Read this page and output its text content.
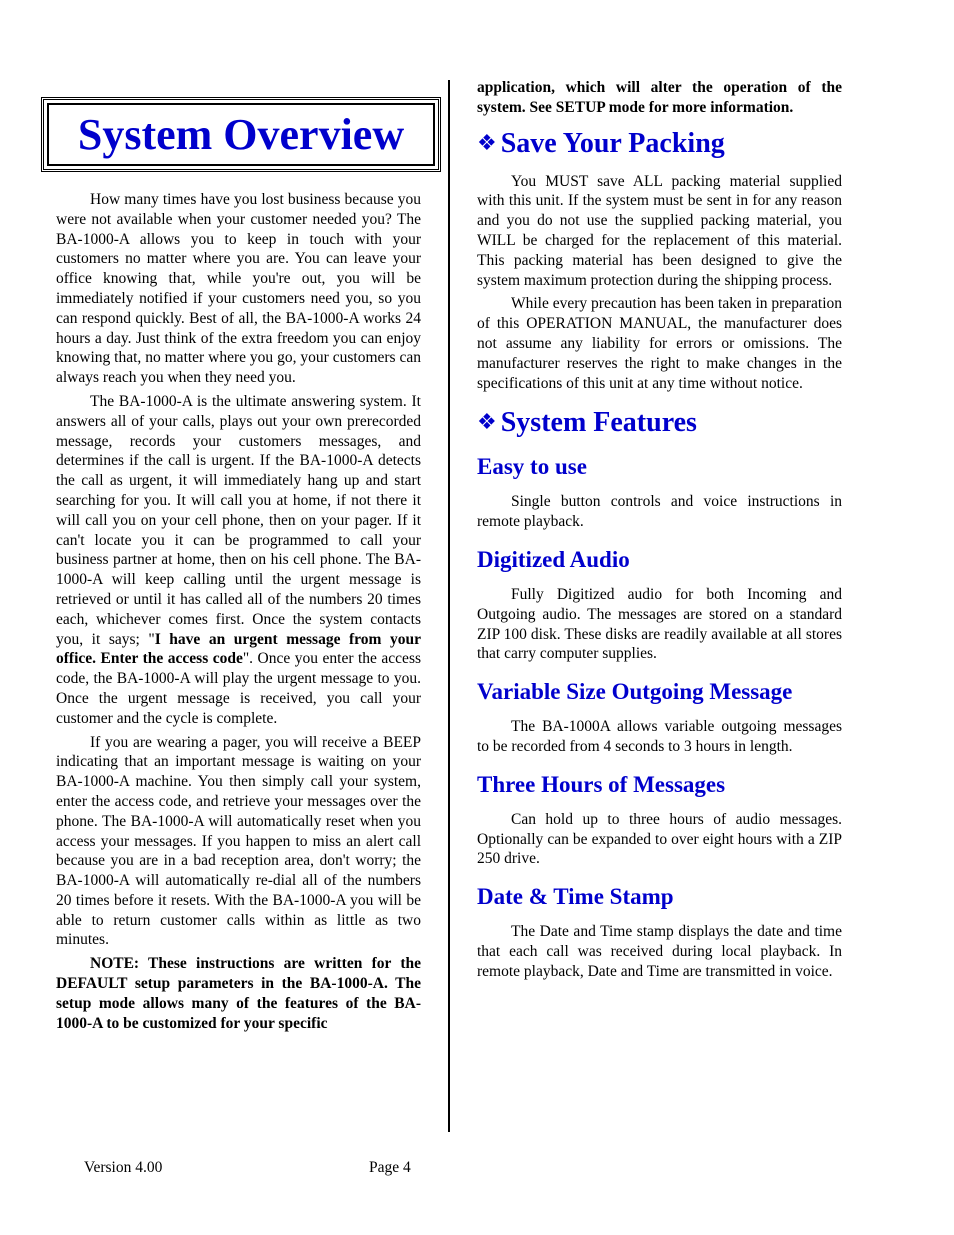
System Overview

How many times have you lost business because you were not available when your customer needed you? The BA-1000-A allows you to keep in touch with your customers no matter where you are. You can leave your office knowing that, while you're out, you will be immediately notified if your customers need you, so you can respond quickly. Best of all, the BA-1000-A works 24 hours a day. Just think of the extra freedom you can enjoy knowing that, no matter where you go, your customers can always reach you when they need you.

The BA-1000-A is the ultimate answering system. It answers all of your calls, plays out your own prerecorded message, records your customers messages, and determines if the call is urgent. If the BA-1000-A detects the call as urgent, it will immediately hang up and start searching for you. It will call you at home, if not there it will call you on your cell phone, then on your pager. If it can't locate you it can be programmed to call your business partner at home, then on his cell phone. The BA-1000-A will keep calling until the urgent message is retrieved or until it has called all of the numbers 20 times each, whichever comes first. Once the system contacts you, it says; "I have an urgent message from your office. Enter the access code". Once you enter the access code, the BA-1000-A will play the urgent message to you. Once the urgent message is received, you call your customer and the cycle is complete.

If you are wearing a pager, you will receive a BEEP indicating that an important message is waiting on your BA-1000-A machine. You then simply call your system, enter the access code, and retrieve your messages over the phone. The BA-1000-A will automatically reset when you access your messages. If you happen to miss an alert call because you are in a bad reception area, don't worry; the BA-1000-A will automatically re-dial all of the numbers 20 times before it resets. With the BA-1000-A you will be able to return customer calls within as little as two minutes.

NOTE: These instructions are written for the DEFAULT setup parameters in the BA-1000-A. The setup mode allows many of the features of the BA-1000-A to be customized for your specific

application, which will alter the operation of the system. See SETUP mode for more information.

❖ Save Your Packing

You MUST save ALL packing material supplied with this unit. If the system must be sent in for any reason and you do not use the supplied packing material, you WILL be charged for the replacement of this material. This packing material has been designed to give the system maximum protection during the shipping process.

While every precaution has been taken in preparation of this OPERATION MANUAL, the manufacturer does not assume any liability for errors or omissions. The manufacturer reserves the right to make changes in the specifications of this unit at any time without notice.

❖ System Features
Easy to use

Single button controls and voice instructions in remote playback.

Digitized Audio

Fully Digitized audio for both Incoming and Outgoing audio. The messages are stored on a standard ZIP 100 disk. These disks are readily available at all stores that carry computer supplies.

Variable Size Outgoing Message

The BA-1000A allows variable outgoing messages to be recorded from 4 seconds to 3 hours in length.

Three Hours of Messages

Can hold up to three hours of audio messages. Optionally can be expanded to over eight hours with a ZIP 250 drive.

Date & Time Stamp

The Date and Time stamp displays the date and time that each call was received during local playback. In remote playback, Date and Time are transmitted in voice.

Version 4.00	Page 4
